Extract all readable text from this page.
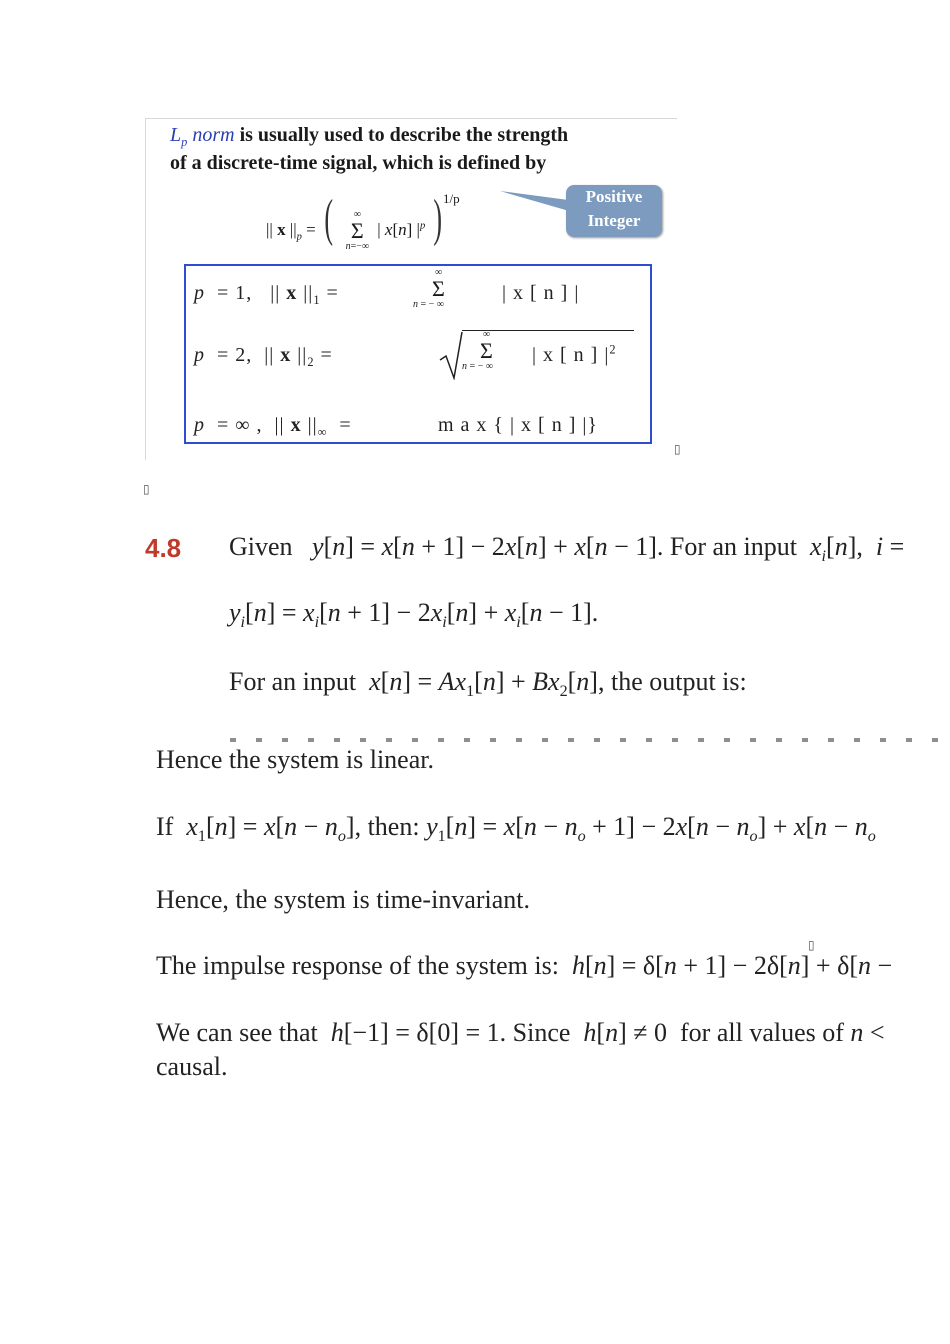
$L_p$ norm is usually used to describe the strength
of a discrete-time signal, which is defined by
|| x $||_p$ = ( ∞
Σ
n=−∞
| x[n] $|^p$ ) $^{1/p}$	Positive
Integer
p  = 1,   || x $||_1$ =
∞
Σ
n = − ∞
| x [ n ] |
p  = 2,  || x $||_2$ =
∞
Σ
n = − ∞
| x [ n ] $|^2$
p  = ∞ ,  || x $||_\infty$  =	m a x { | x [ n ] |}
▯
▯
4.8 Given y[n] = x[n + 1] − 2x[n] + x[n − 1]. For an input $x_i[n]$,  i =
$y_i[n] = x_i[n + 1] - 2x_i[n] + x_i[n - 1]$.
For an input $x[n] = Ax_1[n] + Bx_2[n]$, the output is:
Hence the system is linear.
If $x_1[n] = x[n - n_o]$, then: $y_1[n] = x[n - n_o + 1] - 2x[n - n_o] + x[n - n_o$
Hence, the system is time-invariant.
▯
The impulse response of the system is: h[n] = δ[n + 1] − 2δ[n] + δ[n −
We can see that h[−1] = δ[0] = 1. Since h[n] ≠ 0  for all values of n <
causal.
